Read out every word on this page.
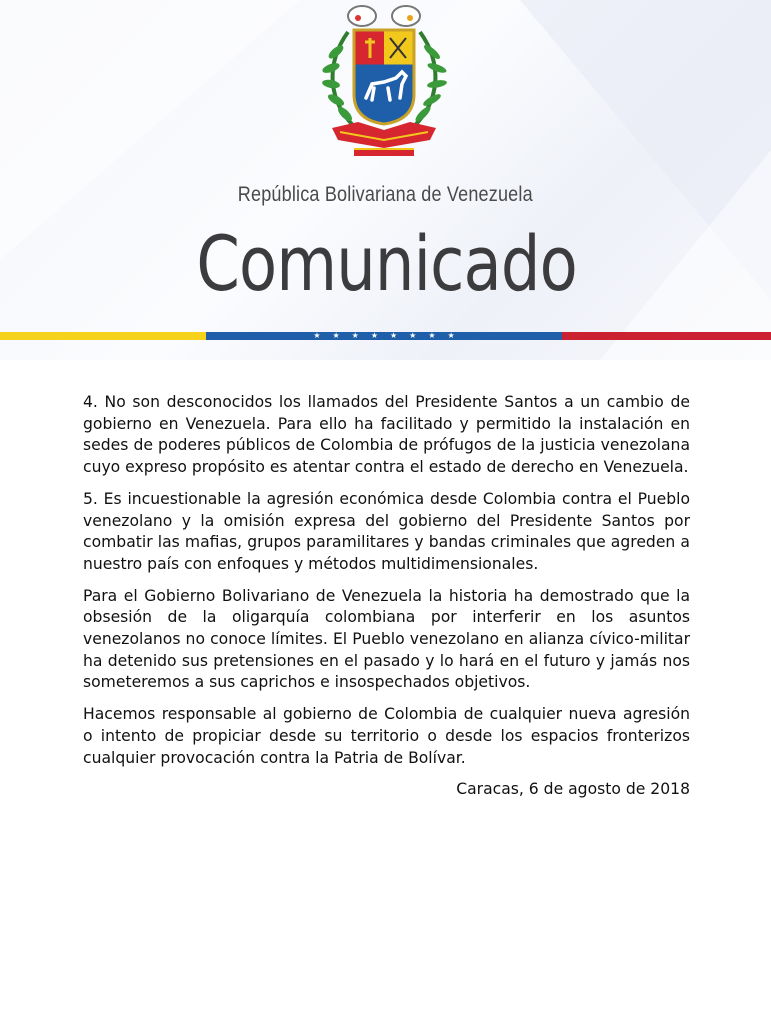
República Bolivariana de Venezuela
Comunicado
★ ★ ★ ★ ★ ★ ★ ★

4. No son desconocidos los llamados del Presidente Santos a un cambio de gobierno en Venezuela. Para ello ha facilitado y permitido la instalación en sedes de poderes públicos de Colombia de prófugos de la justicia venezolana cuyo expreso propósito es atentar contra el estado de derecho en Venezuela.

5. Es incuestionable la agresión económica desde Colombia contra el Pueblo venezolano y la omisión expresa del gobierno del Presidente Santos por combatir las mafias, grupos paramilitares y bandas criminales que agreden a nuestro país con enfoques y métodos multidimensionales.

Para el Gobierno Bolivariano de Venezuela la historia ha demostrado que la obsesión de la oligarquía colombiana por interferir en los asuntos venezolanos no conoce límites. El Pueblo venezolano en alianza cívico-militar ha detenido sus pretensiones en el pasado y lo hará en el futuro y jamás nos someteremos a sus caprichos e insospechados objetivos.

Hacemos responsable al gobierno de Colombia de cualquier nueva agresión o intento de propiciar desde su territorio o desde los espacios fronterizos cualquier provocación contra la Patria de Bolívar.

Caracas, 6 de agosto de 2018
